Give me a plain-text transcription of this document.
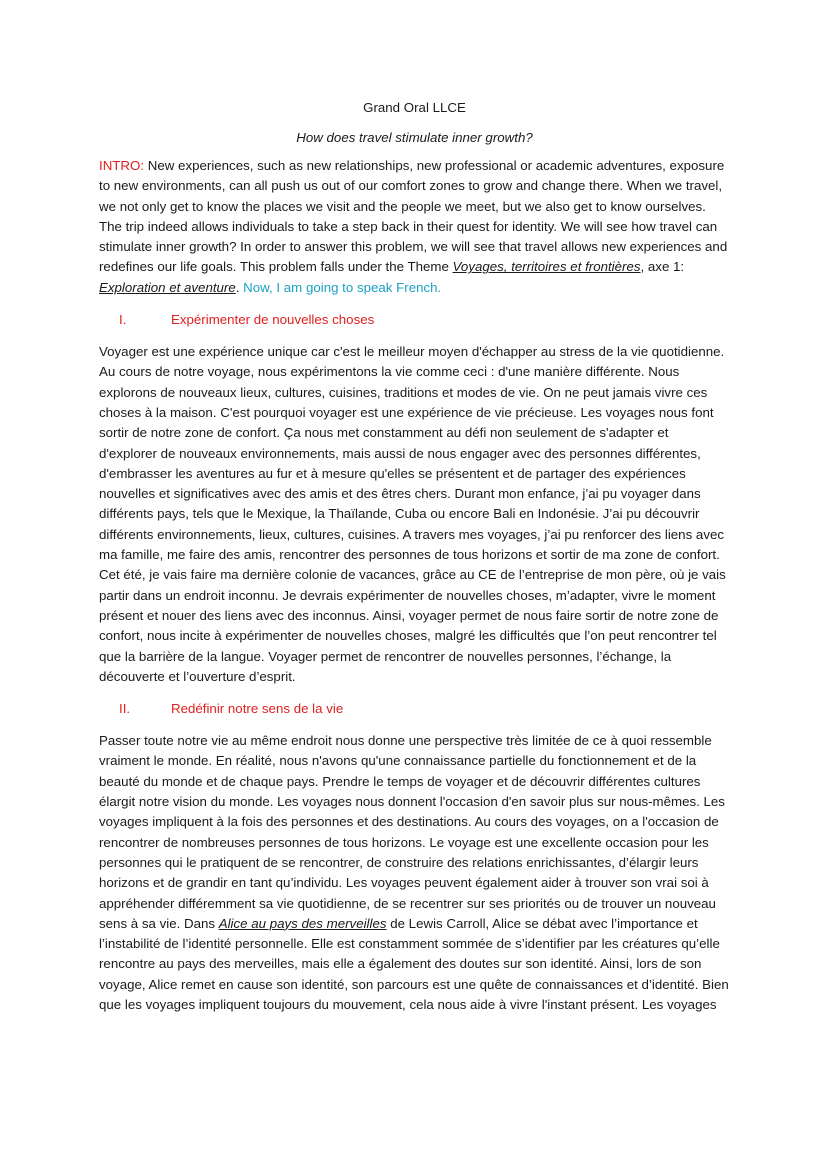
Grand Oral LLCE
How does travel stimulate inner growth?

INTRO: New experiences, such as new relationships, new professional or academic adventures, exposure to new environments, can all push us out of our comfort zones to grow and change there. When we travel, we not only get to know the places we visit and the people we meet, but we also get to know ourselves. The trip indeed allows individuals to take a step back in their quest for identity. We will see how travel can stimulate inner growth? In order to answer this problem, we will see that travel allows new experiences and redefines our life goals. This problem falls under the Theme Voyages, territoires et frontières, axe 1: Exploration et aventure. Now, I am going to speak French.

I.	Expérimenter de nouvelles choses

Voyager est une expérience unique car c'est le meilleur moyen d'échapper au stress de la vie quotidienne. Au cours de notre voyage, nous expérimentons la vie comme ceci : d'une manière différente. Nous explorons de nouveaux lieux, cultures, cuisines, traditions et modes de vie. On ne peut jamais vivre ces choses à la maison. C'est pourquoi voyager est une expérience de vie précieuse. Les voyages nous font sortir de notre zone de confort. Ça nous met constamment au défi non seulement de s'adapter et d'explorer de nouveaux environnements, mais aussi de nous engager avec des personnes différentes, d'embrasser les aventures au fur et à mesure qu'elles se présentent et de partager des expériences nouvelles et significatives avec des amis et des êtres chers. Durant mon enfance, j’ai pu voyager dans différents pays, tels que le Mexique, la Thaïlande, Cuba ou encore Bali en Indonésie. J’ai pu découvrir différents environnements, lieux, cultures, cuisines. A travers mes voyages, j’ai pu renforcer des liens avec ma famille, me faire des amis, rencontrer des personnes de tous horizons et sortir de ma zone de confort. Cet été, je vais faire ma dernière colonie de vacances, grâce au CE de l’entreprise de mon père, où je vais partir dans un endroit inconnu. Je devrais expérimenter de nouvelles choses, m’adapter, vivre le moment présent et nouer des liens avec des inconnus. Ainsi, voyager permet de nous faire sortir de notre zone de confort, nous incite à expérimenter de nouvelles choses, malgré les difficultés que l’on peut rencontrer tel que la barrière de la langue. Voyager permet de rencontrer de nouvelles personnes, l’échange, la découverte et l’ouverture d’esprit.

II.	Redéfinir notre sens de la vie

Passer toute notre vie au même endroit nous donne une perspective très limitée de ce à quoi ressemble vraiment le monde. En réalité, nous n'avons qu'une connaissance partielle du fonctionnement et de la beauté du monde et de chaque pays. Prendre le temps de voyager et de découvrir différentes cultures élargit notre vision du monde. Les voyages nous donnent l'occasion d'en savoir plus sur nous-mêmes. Les voyages impliquent à la fois des personnes et des destinations. Au cours des voyages, on a l'occasion de rencontrer de nombreuses personnes de tous horizons. Le voyage est une excellente occasion pour les personnes qui le pratiquent de se rencontrer, de construire des relations enrichissantes, d’élargir leurs horizons et de grandir en tant qu’individu. Les voyages peuvent également aider à trouver son vrai soi à appréhender différemment sa vie quotidienne, de se recentrer sur ses priorités ou de trouver un nouveau sens à sa vie. Dans Alice au pays des merveilles de Lewis Carroll, Alice se débat avec l’importance et l’instabilité de l’identité personnelle. Elle est constamment sommée de s’identifier par les créatures qu’elle rencontre au pays des merveilles, mais elle a également des doutes sur son identité. Ainsi, lors de son voyage, Alice remet en cause son identité, son parcours est une quête de connaissances et d’identité. Bien que les voyages impliquent toujours du mouvement, cela nous aide à vivre l'instant présent. Les voyages
